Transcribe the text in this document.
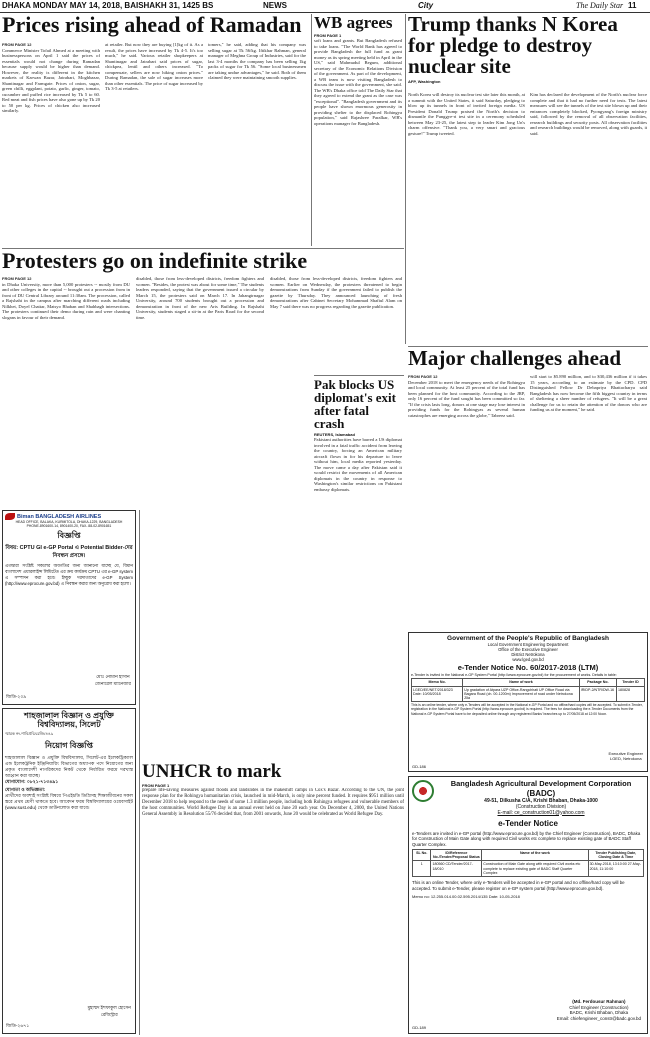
DHAKA MONDAY MAY 14, 2018, BAISHAKH 31, 1425 BS	NEWS	City	The Daily Star 11
Prices rising ahead of Ramadan
FROM PAGE 12
Commerce Minister Tofail Ahmed at a meeting with businesspersons on April 1 said the prices of essentials would not change during Ramadan because supply would be higher than demand. However, the reality is different in the kitchen markets of Karwan Bazar, Jatrabari, Moghbazar, Shantinagar and Farmgate. Prices of onion, sugar, green chilli, eggplant, potato, garlic, ginger, tomato, cucumber and puffed rice increased by Tk 5 to 60. Red meat and fish prices have also gone up by Tk 20 to 50 per kg. Prices of chicken also increased similarly.
at retailer. But now they are buying [1]kg of it. As a result, the prices have increased by Tk 4-5. It's too much," he said. Various retailer shopkeepers at Shantinagar and Jatrabari said prices of sugar, chickpea, lentil and others increased. "To compensate, sellers are now hiking onion prices." During Ramadan, the sale of sugar increases more than other essentials. The price of sugar increased by Tk 3-5 at retailers.
tomers," he said, adding that his company was selling sugar at Tk 56/kg. Iftikhar Rahman, general manager of Meghna Group of Industries, said for the last 3-4 months the company has been selling 1kg packs of sugar for Tk 56. "Some local businessmen are taking undue advantages," he said. Both of them claimed they were maintaining smooth supplies.
WB agrees
FROM PAGE 1
soft loans and grants. But Bangladesh refused to take loans. "The World Bank has agreed to provide Bangladesh the full fund as grant money as its spring meeting held in April in the US," said Mahmudul Begum, additional secretary of the Economic Relations Division of the government. As part of the development, a WB team is now visiting Bangladesh to discuss the issue with the government, she said. The WB's Dhaka office told The Daily Star that they agreed to extend the grant as the case was "exceptional". "Bangladesh government and its people have shown enormous generosity in providing shelter to the displaced Rohingya population," said Rajashree Paralkar, WB's operations manager for Bangladesh.
Trump thanks N Korea for pledge to destroy nuclear site
AFP, Washington
North Korea will destroy its nuclear test site later this month, at a summit with the United States, it said Saturday, pledging to blow up its tunnels in front of invited foreign media. US President Donald Trump praised the North's decision to dismantle the Punggye-ri test site in a ceremony scheduled between May 23-25, the latest step to leader Kim Jong Un's charm offensive. "Thank you, a very smart and gracious gesture!" Trump tweeted.
Kim has declared the development of the North's nuclear force complete and that it had no further need for tests. The latest measures will see the tunnels of the test site blown up and their entrances completely blocked, Pyongyang's foreign ministry said, followed by the removal of all observation facilities, research buildings and security posts. All observation facilities and research buildings would be removed, along with guards, it said.
Protesters go on indefinite strike
FROM PAGE 12
in Dhaka University, more than 5,000 protesters -- mostly from DU and other colleges in the capital -- brought out a procession from in front of DU Central Library around 11:30am. The procession, called a Rajshahi in the campus after marching different roads including Nilkhet, Doyel Chattar, Matsyo Bhaban and Shahbagh intersections. The protesters continued their demo during rain and were chanting slogans in favour of their demand.
disabled, those from less-developed districts, freedom fighters and women. "Besides, the protest was about for some time," The students leaders responded, saying that the government issued a circular by March 15, the protesters said on March 17. In Jahangirnagar University, around 700 students brought out a procession and demonstration in front of the new Arts Building. In Rajshahi University, students staged a sit-in at the Paris Road for the second time.
disabled, those from less-developed districts, freedom fighters and women. Earlier on Wednesday, the protesters threatened to begin demonstrations from Sunday if the government failed to publish the gazette by Thursday. They announced launching of fresh demonstrations after Cabinet Secretary Mohammad Shafiul Alam on May 7 said there was no progress regarding the gazette publication.
Major challenges ahead
FROM PAGE 12
December 2018 to meet the emergency needs of the Rohingya and local community. At least 25 percent of the total fund has been planned for the host community. According to the JRP, only 16 percent of the fund sought has been committed so far. "If the crisis lasts long, donors at one stage may lose interest in providing funds for the Rohingyas as several human catastrophes are emerging across the globe," Tabreez said.
will start to $5.890 million, and to $30,436 million if it takes 15 years, according to an estimate by the CPD. CPD Distinguished Fellow Dr Debapriya Bhattacharya said Bangladesh has now become the fifth biggest country in terms of sheltering a sheer number of refugees. "It will be a great challenge for us to retain the attention of the donors who are funding us at the moment," he said.
Pak blocks US diplomat's exit after fatal crash
REUTERS, Islamabad
Pakistani authorities have barred a US diplomat involved in a fatal traffic accident from leaving the country, forcing an American military aircraft flown in for his departure to leave without him, local media reported yesterday. The move came a day after Pakistan said it would restrict the movements of all American diplomats in the country in response to Washington's similar restrictions on Pakistani embassy diplomats.
Biman BANGLADESH AIRLINES
HEAD OFFICE, BALAKA, KURMITOLA, DHAKA-1229, BANGLADESH
PHONE-8901600-14, 8901400-20, FAX- 88-02-8901651
বিজ্ঞপ্তি
বিষয়: CPTU GI e-GP Portal এ Potential Bidder-দের নিবন্ধন প্রসঙ্গে।
এতদ্বারা সংশ্লিষ্ট সকলের অবগতির জন্য জানানো যাচ্ছে যে, বিমান বাংলাদেশ এয়ারলাইন্স লিমিটেড এর ক্রয় কার্যক্রম CPTU এর e-GP system এ সম্পাদন করা হবে। ইচ্ছুক দরদাতাদের e-GP System (http://www.eprocure.gov.bd) এ নিবন্ধন করার জন্য অনুরোধ করা হলো।
মোঃ নোমান হাসান
জেনারেল ম্যানেজার
জিডি-২০৯
শাহজালাল বিজ্ঞান ও প্রযুক্তি বিশ্ববিদ্যালয়, সিলেট
স্মারক নং-শাবিপ্রবি/রেজি/৪৪৯
নিয়োগ বিজ্ঞপ্তি
শাহজালাল বিজ্ঞান ও প্রযুক্তি বিশ্ববিদ্যালয়, সিলেট-এর ইলেকট্রিক্যাল এন্ড ইলেকট্রনিক ইঞ্জিনিয়ারিং বিভাগের অধ্যাপক পদে নিয়োগের জন্য প্রকৃত বাংলাদেশী নাগরিকদের নিকট থেকে নির্ধারিত ফরমে দরখাস্ত আহ্বান করা যাচ্ছে।
যোগাযোগ: ০৮২১-৭১৩৪৯১
যোগ্যতা ও অভিজ্ঞতা:
প্রার্থীদের অবশ্যই সংশ্লিষ্ট বিষয়ে পিএইচডি ডিগ্রিসহ শিক্ষাজীবনের সকল স্তরে প্রথম শ্রেণী থাকতে হবে। আবেদন ফরম বিশ্ববিদ্যালয়ের ওয়েবসাইট (www.sust.edu) থেকে ডাউনলোড করা যাবে।
মুহাম্মদ ইশফাকুল হোসেন
রেজিস্ট্রার
জিডি-২৬৭১
UNHCR to mark
FROM PAGE 1
prepare life-saving measures against floods and landslides in the makeshift camps in Cox's Bazar. According to the UN, the joint response plan for the Rohingya humanitarian crisis, launched in mid-March, is only nine percent funded. It requires $951 million until December 2018 to help respond to the needs of some 1.3 million people, including both Rohingya refugees and vulnerable members of the host communities. World Refugee Day is an annual event held on June 20 each year. On December 4, 2000, the United Nations General Assembly in Resolution 55/76 decided that, from 2001 onwards, June 20 would be celebrated as World Refugee Day.
Government of the People's Republic of Bangladesh
Local Government Engineering Department
Office of the Executive Engineer
District Netrokona
www.lged.gov.bd
e-Tender Notice No. 60/2017-2018 (LTM)
e-Tender is invited in the National e-GP System Portal (http://www.eprocure.gov.bd) for the procurement of works. Details in table:
Memo No.	Name of work	Package No.	Tender ID
LGED/EE/NET/2018/323 Date: 10/05/2018	Up gradation of Atpara UZP Office-Rangchhati UP Office Road via Bagara Road (ch. 00-1200m) Improvement of road under Netrokona Zila	IRIDP-2/NTR/DW-16	180828
This is an online tender, where only e-Tenders will be accepted in the National e-GP Portal and no offline/hard copies will be accepted. To submit e-Tender, registration in the National e-GP System Portal (http://www.eprocure.gov.bd) is required. The fees for downloading the e-Tender Documents from the National e-GP System Portal have to be deposited online through any registered Banks' branches up to 27/05/2018 at 12:00 Noon.
Executive Engineer
LGED, Netrokona
GD-186
Bangladesh Agricultural Development Corporation
(BADC)
49-51, Dilkusha C/A, Krishi Bhaban, Dhaka-1000
(Construction Division)
E-mail: ce_construction01@yahoo.com
e-Tender Notice
e-Tenders are invited in e-GP portal (http://www.eprocure.gov.bd) by the Chief Engineer (Construction), BADC, Dhaka for Construction of Main Gate along with required Civil works etc complete to replace existing gate of BADC Staff Quarter Complex.
SL No.	ID/Reference No./Tender/Proposal Status	Name of the work	Tender Publishing Date, Closing Date & Time
1	180560 CD/Tender/2017-18/010	Construction of Main Gate along with required Civil works etc complete to replace existing gate of BADC Staff Quarter Complex	30-May-2018, 13:10:00 27-May-2018, 11:10:00
This is an online Tender, where only e-Tenders will be accepted in e-GP portal and no offline/hard copy will be accepted. To submit e-Tender, please register on e-GP system portal (http://www.eprocure.gov.bd).
Memo no: 12.255.014.00.02.595.2014/135 Date: 10-05-2018
(Md. Ferdousur Rahman)
Chief Engineer (Construction)
BADC, Krishi Bhaban, Dhaka
Email: chiefengineer_constr@badc.gov.bd
GD-189
